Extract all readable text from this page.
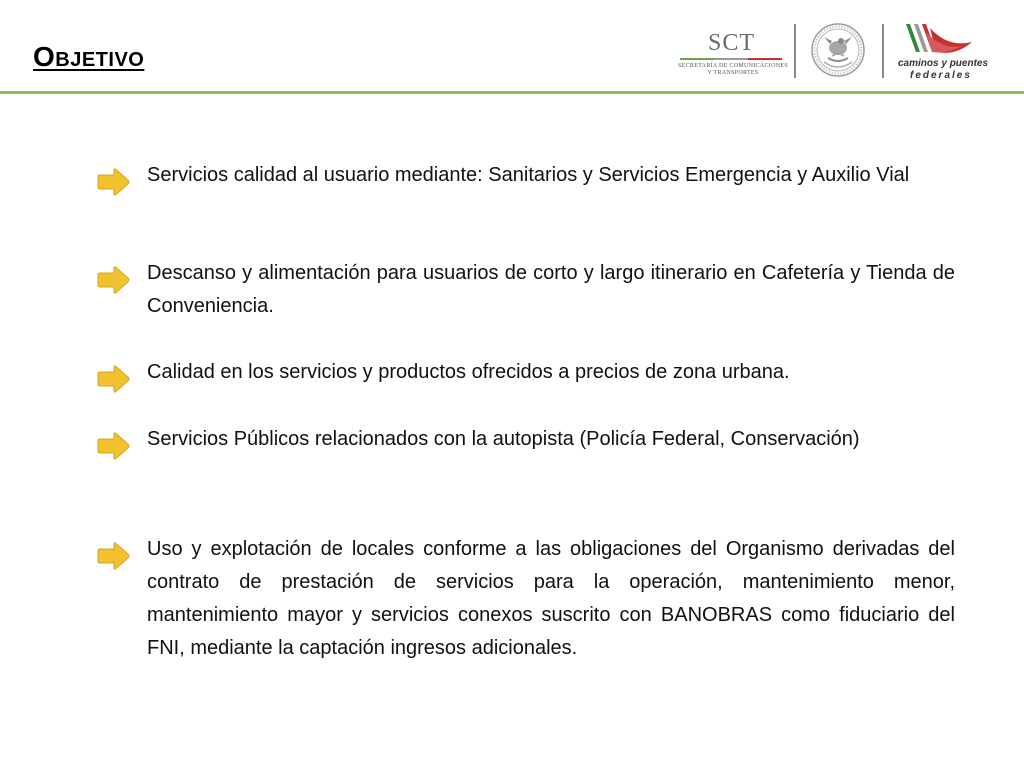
Objetivo	SCT
SECRETARÍA DE COMUNICACIONES
Y TRANSPORTES
caminos y puentes
federales

Servicios calidad al usuario mediante: Sanitarios y Servicios Emergencia y Auxilio Vial

Descanso y alimentación para usuarios de corto y largo itinerario en Cafetería y Tienda de Conveniencia.

Calidad en los servicios y productos ofrecidos a precios de zona urbana.

Servicios Públicos relacionados con la autopista (Policía Federal, Conservación)

Uso y explotación de locales conforme a las obligaciones del Organismo derivadas del contrato de prestación de servicios para la operación, mantenimiento menor, mantenimiento mayor y servicios conexos suscrito con BANOBRAS como fiduciario del FNI, mediante la captación ingresos adicionales.
